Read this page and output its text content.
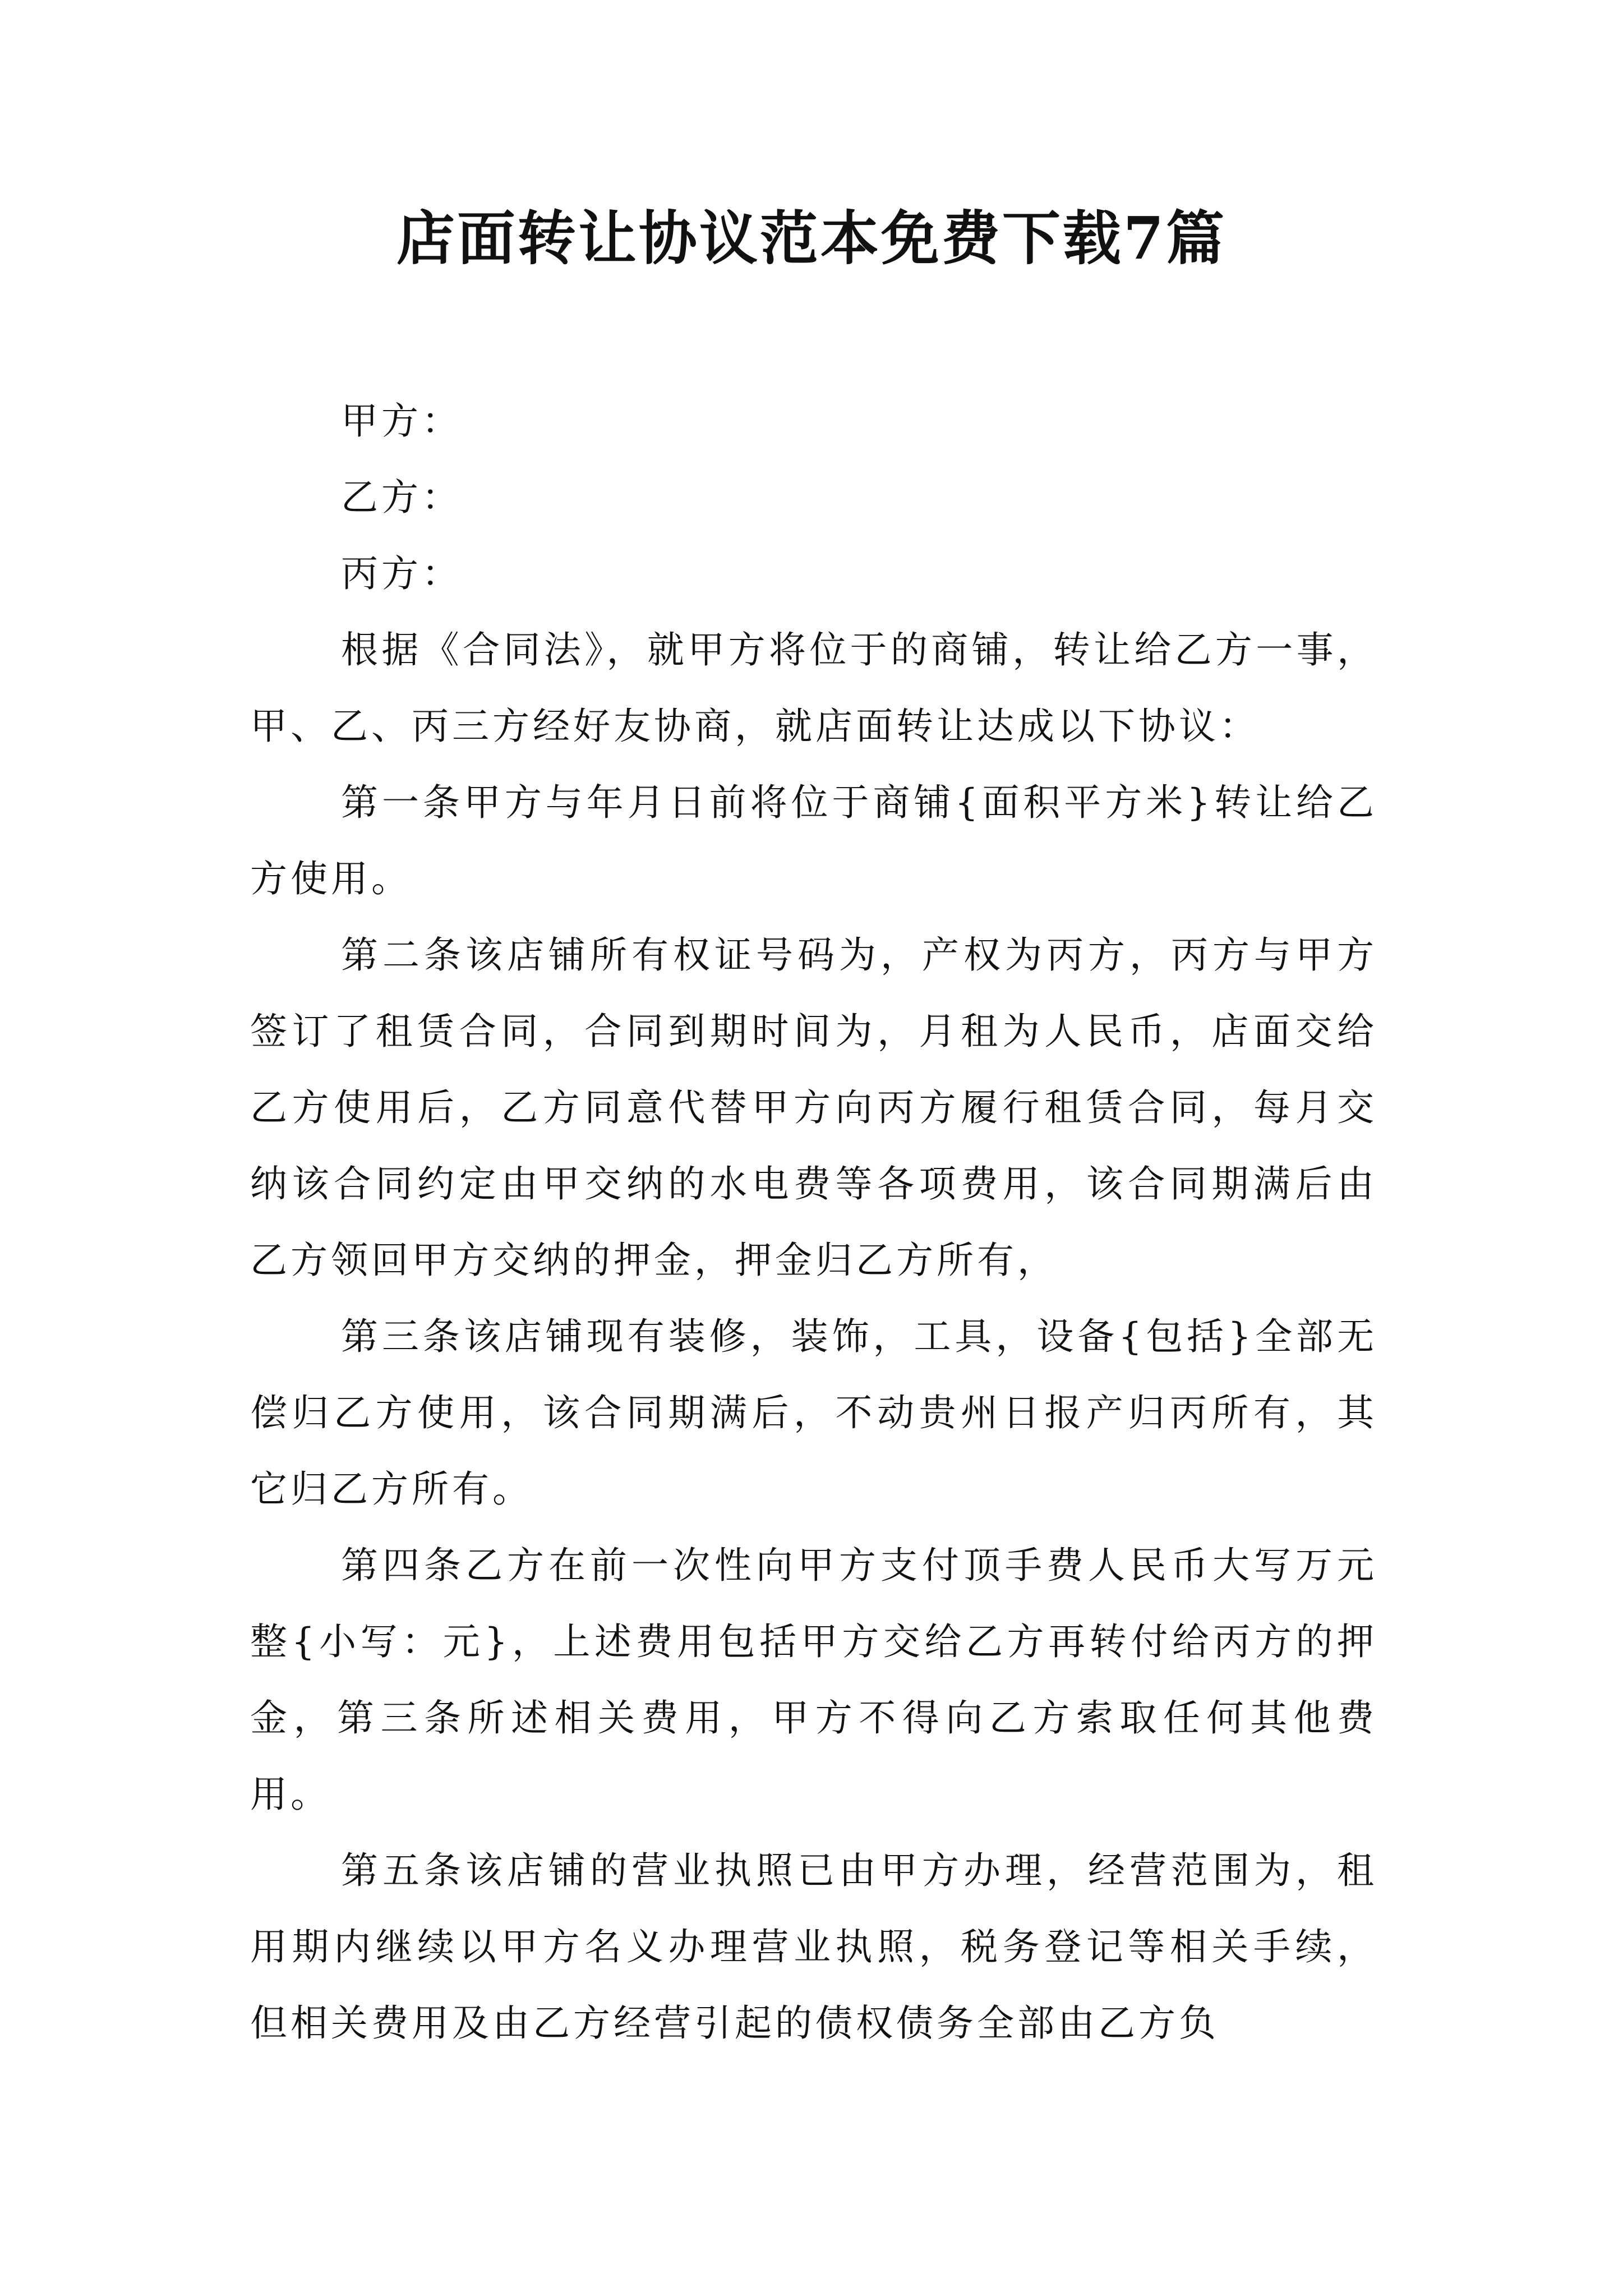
店面转让协议范本免费下载7篇

甲方：

乙方：

丙方：

根据《合同法》，就甲方将位于的商铺，转让给乙方一事，甲、乙、丙三方经好友协商，就店面转让达成以下协议：

第一条甲方与年月日前将位于商铺{面积平方米}转让给乙方使用。

第二条该店铺所有权证号码为，产权为丙方，丙方与甲方签订了租赁合同，合同到期时间为，月租为人民币，店面交给乙方使用后，乙方同意代替甲方向丙方履行租赁合同，每月交纳该合同约定由甲交纳的水电费等各项费用，该合同期满后由乙方领回甲方交纳的押金，押金归乙方所有，

第三条该店铺现有装修，装饰，工具，设备{包括}全部无偿归乙方使用，该合同期满后，不动贵州日报产归丙所有，其它归乙方所有。

第四条乙方在前一次性向甲方支付顶手费人民币大写万元整{小写：元}，上述费用包括甲方交给乙方再转付给丙方的押金，第三条所述相关费用，甲方不得向乙方索取任何其他费用。

第五条该店铺的营业执照已由甲方办理，经营范围为，租用期内继续以甲方名义办理营业执照，税务登记等相关手续，但相关费用及由乙方经营引起的债权债务全部由乙方负
